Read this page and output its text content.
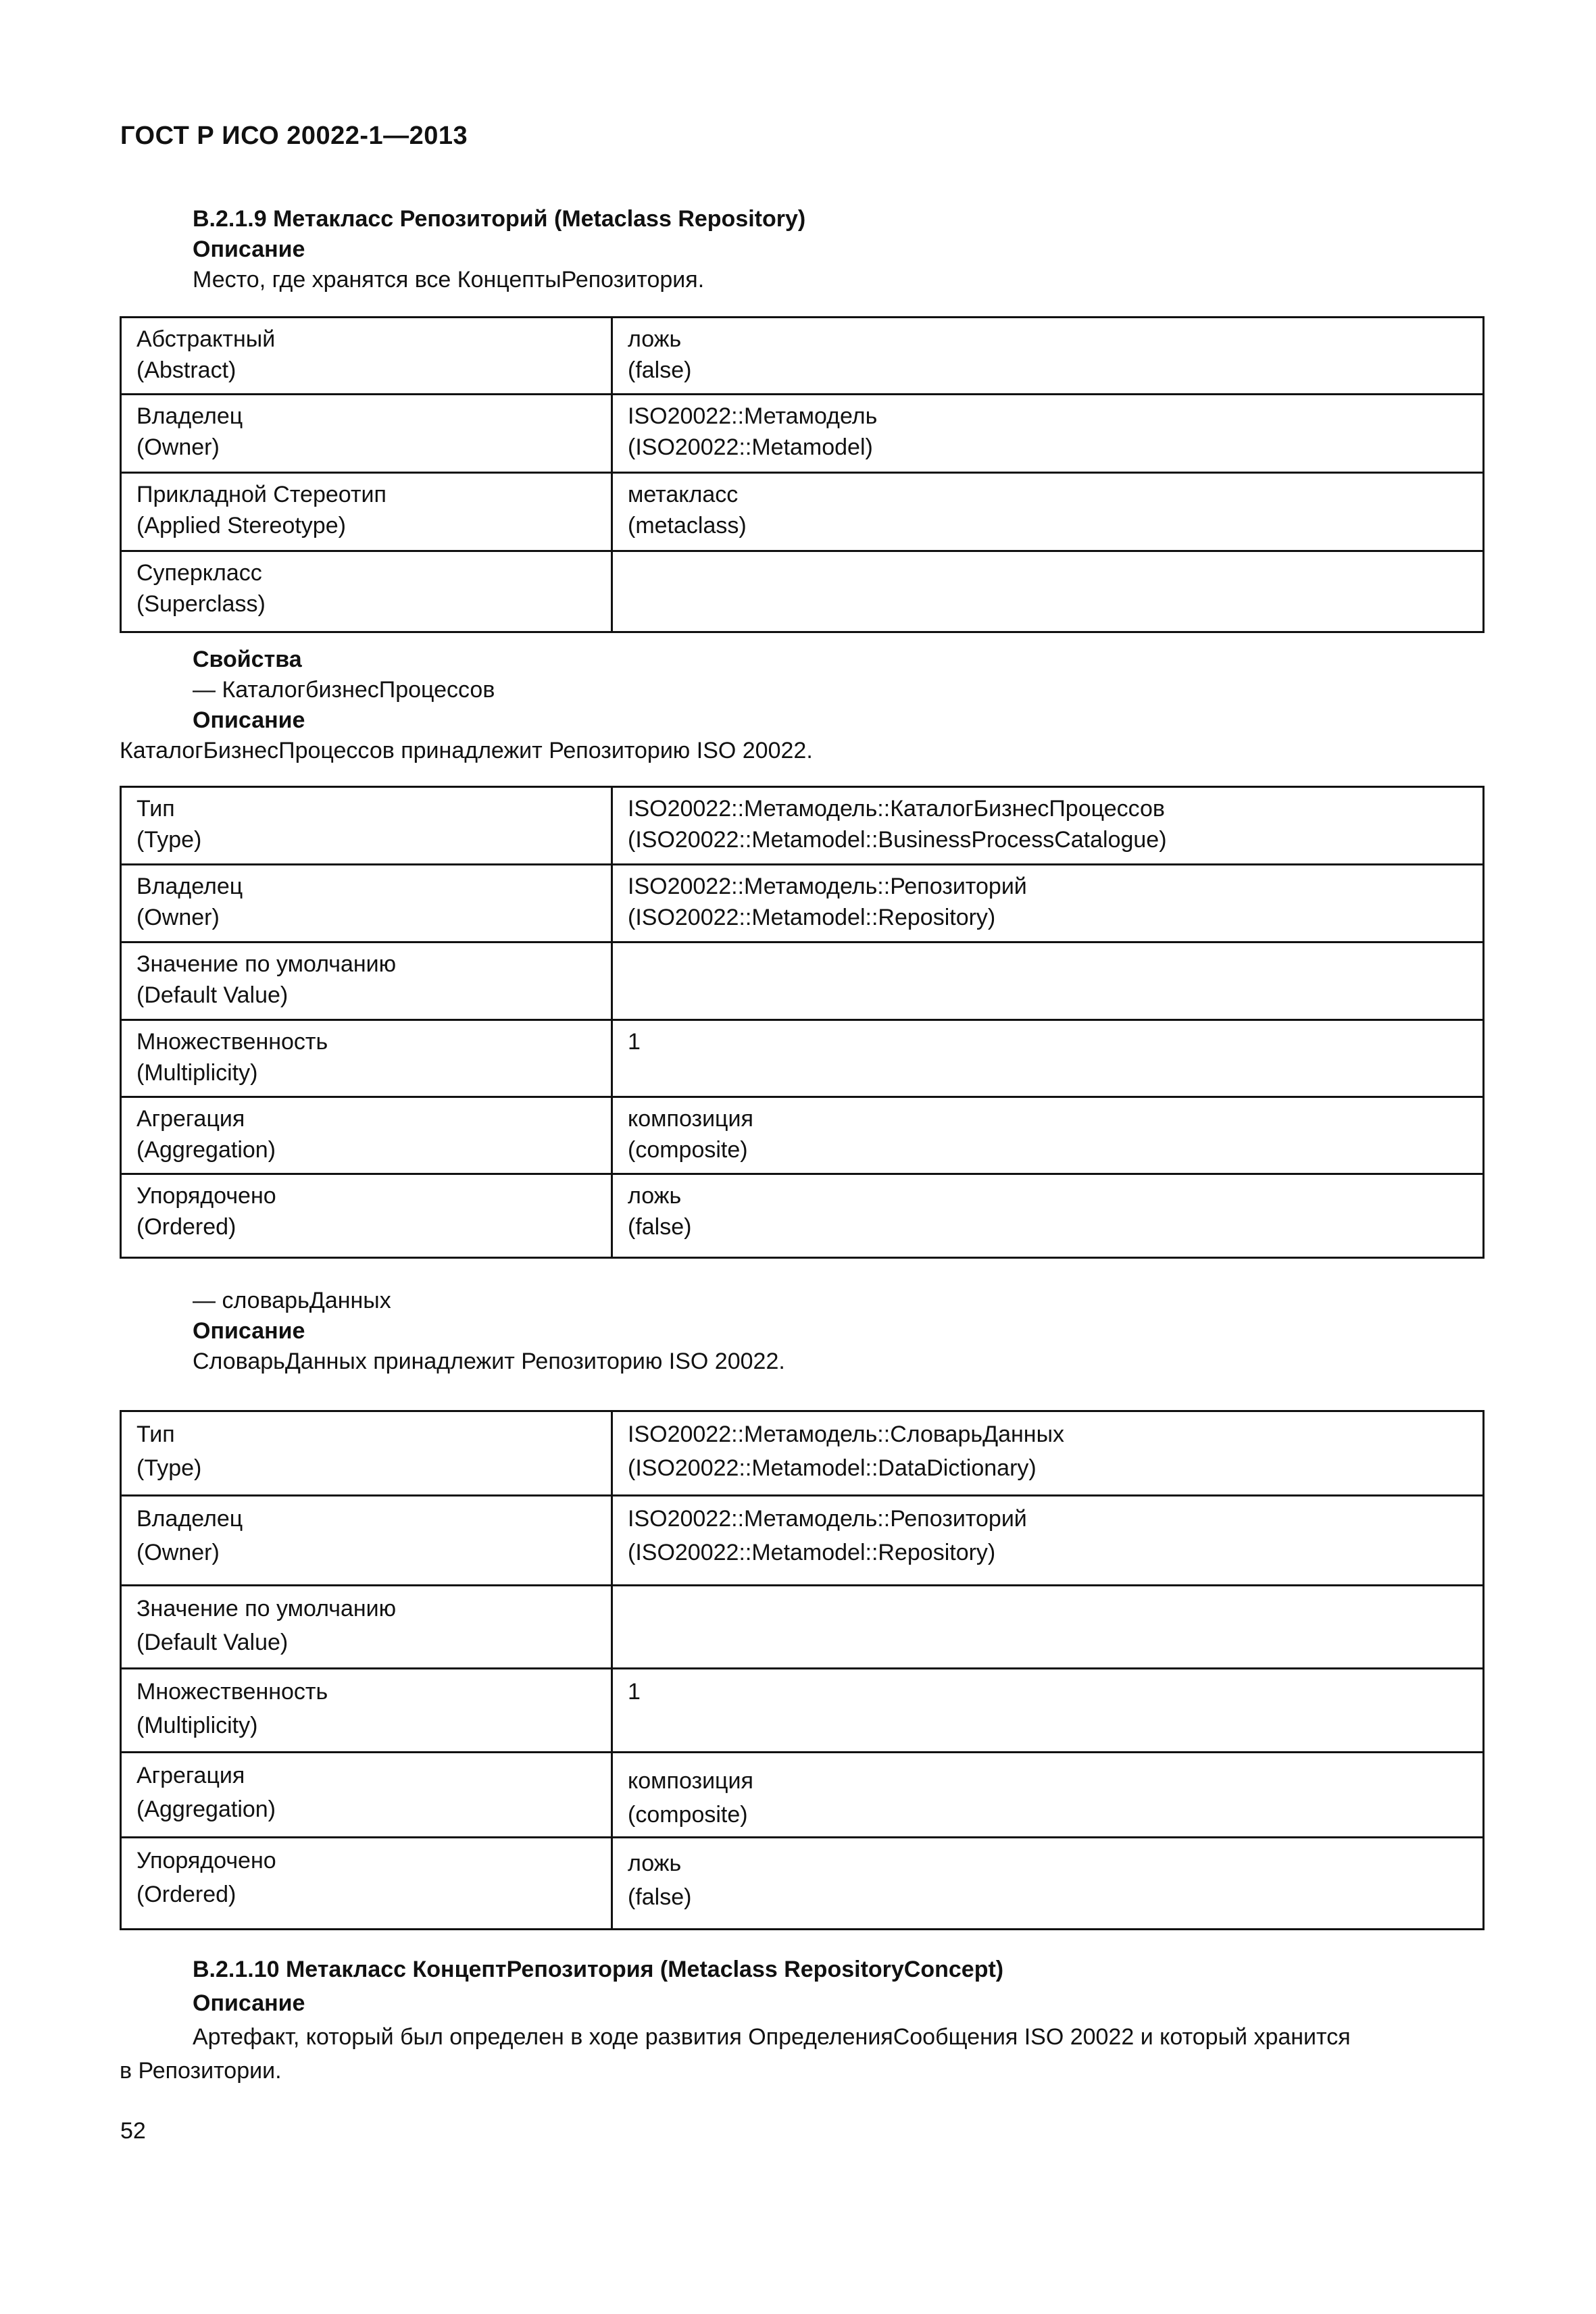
ГОСТ Р ИСО 20022-1—2013
B.2.1.9 Метакласс Репозиторий (Metaclass Repository)
Описание
Место, где хранятся все КонцептыРепозитория.
Абстрактный
(Abstract)	ложь
(false)

Владелец
(Owner)	ISO20022::Метамодель
(ISO20022::Metamodel)

Прикладной Стереотип
(Applied Stereotype)	метакласс
(metaclass)

Суперкласс
(Superclass)	

Свойства
— КаталогбизнесПроцессов
Описание
КаталогБизнесПроцессов принадлежит Репозиторию ISO 20022.
Тип
(Type)	ISO20022::Метамодель::КаталогБизнесПроцессов
(ISO20022::Metamodel::BusinessProcessCatalogue)

Владелец
(Owner)	ISO20022::Метамодель::Репозиторий
(ISO20022::Metamodel::Repository)

Значение по умолчанию
(Default Value)	

Множественность
(Multiplicity)	1

Агрегация
(Aggregation)	композиция
(composite)

Упорядочено
(Ordered)	ложь
(false)
— словарьДанных
Описание
СловарьДанных принадлежит Репозиторию ISO 20022.
Тип
(Type)	ISO20022::Метамодель::СловарьДанных
(ISO20022::Metamodel::DataDictionary)

Владелец
(Owner)	ISO20022::Метамодель::Репозиторий
(ISO20022::Metamodel::Repository)

Значение по умолчанию
(Default Value)	

Множественность
(Multiplicity)	1

Агрегация
(Aggregation)	композиция
(composite)

Упорядочено
(Ordered)	ложь
(false)
B.2.1.10 Метакласс КонцептРепозитория (Metaclass RepositoryConcept)
Описание
Артефакт, который был определен в ходе развития ОпределенияСообщения ISO 20022 и который хранится
в Репозитории.
52
